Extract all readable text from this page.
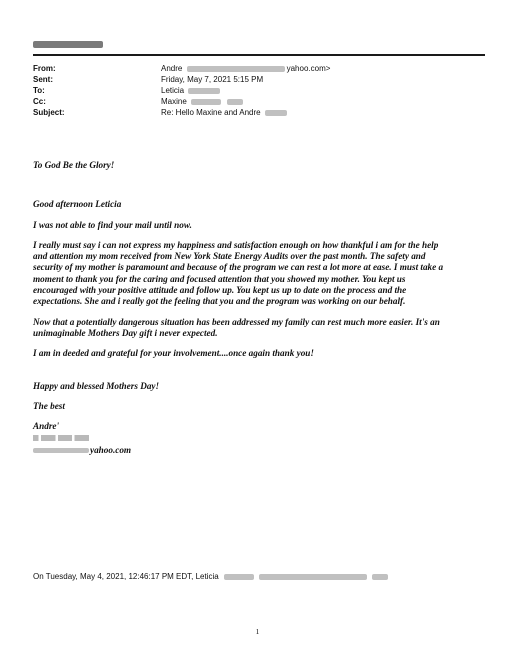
From:	Andre	yahoo.com>
Sent:	Friday, May 7, 2021 5:15 PM
To:	Leticia
Cc:	Maxine
Subject:	Re: Hello Maxine and Andre

To God Be the Glory!

Good afternoon Leticia

I was not able to find your mail until now.

I really must say i can not express my happiness and satisfaction enough on how thankful i am for the help

and attention my mom received from New York State Energy Audits over the past month. The safety and

security of my mother is paramount and because of the program we can rest a lot more at ease. I must take a

moment to thank you for the caring and focused attention that you showed my mother. You kept us

encouraged with your positive attitude and follow up. You kept us up to date on the process and the

expectations. She and i really got the feeling that you and the program was working on our behalf.

Now that a potentially dangerous situation has been addressed my family can rest much more easier. It's an

unimaginable Mothers Day gift i never expected.

I am in deeded and grateful for your involvement....once again thank you!

Happy and blessed Mothers Day!

The best

Andre'

yahoo.com
On Tuesday, May 4, 2021, 12:46:17 PM EDT, Leticia
1
